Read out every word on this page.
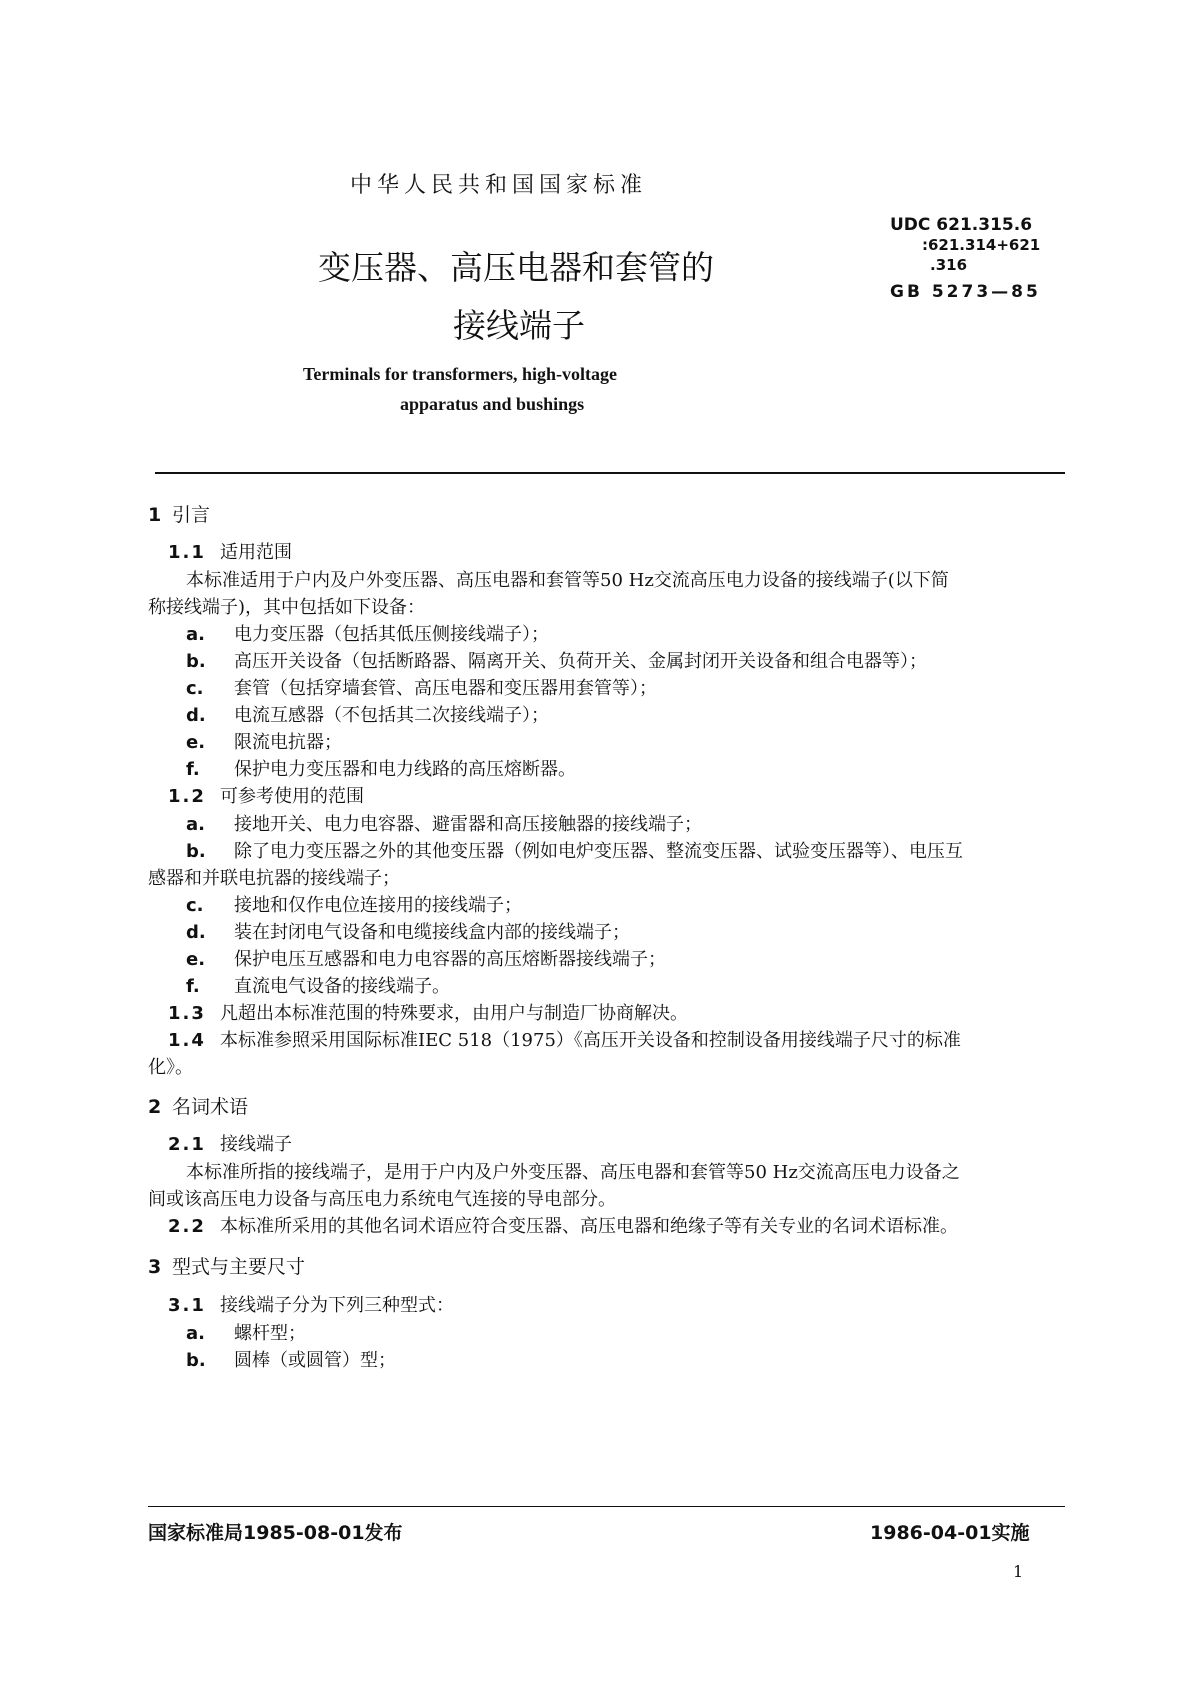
中华人民共和国国家标准
UDC 621.315.6
:621.314+621
.316
GB 5273—85
变压器、高压电器和套管的
接线端子
Terminals for transformers, high-voltage
apparatus and bushings
1 引言
1.1 适用范围
本标准适用于户内及户外变压器、高压电器和套管等50 Hz交流高压电力设备的接线端子(以下简
称接线端子)，其中包括如下设备：
a. 电力变压器（包括其低压侧接线端子）；
b. 高压开关设备（包括断路器、隔离开关、负荷开关、金属封闭开关设备和组合电器等）；
c. 套管（包括穿墙套管、高压电器和变压器用套管等）；
d. 电流互感器（不包括其二次接线端子）；
e. 限流电抗器；
f. 保护电力变压器和电力线路的高压熔断器。
1.2 可参考使用的范围
a. 接地开关、电力电容器、避雷器和高压接触器的接线端子；
b. 除了电力变压器之外的其他变压器（例如电炉变压器、整流变压器、试验变压器等）、电压互
感器和并联电抗器的接线端子；
c. 接地和仅作电位连接用的接线端子；
d. 装在封闭电气设备和电缆接线盒内部的接线端子；
e. 保护电压互感器和电力电容器的高压熔断器接线端子；
f. 直流电气设备的接线端子。
1.3 凡超出本标准范围的特殊要求，由用户与制造厂协商解决。
1.4 本标准参照采用国际标准IEC 518（1975）《高压开关设备和控制设备用接线端子尺寸的标准
化》。
2 名词术语
2.1 接线端子
本标准所指的接线端子，是用于户内及户外变压器、高压电器和套管等50 Hz交流高压电力设备之
间或该高压电力设备与高压电力系统电气连接的导电部分。
2.2 本标准所采用的其他名词术语应符合变压器、高压电器和绝缘子等有关专业的名词术语标准。
3 型式与主要尺寸
3.1 接线端子分为下列三种型式：
a. 螺杆型；
b. 圆棒（或圆管）型；
国家标准局1985-08-01发布	1986-04-01实施
1
